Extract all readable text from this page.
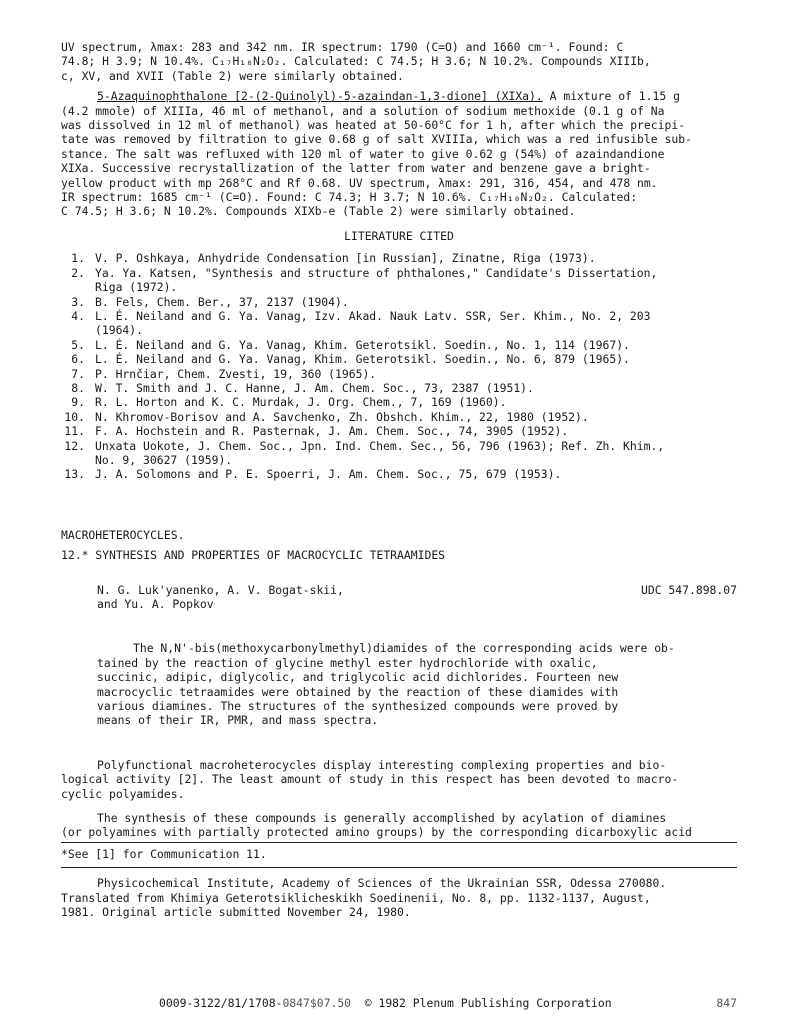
UV spectrum, λmax: 283 and 342 nm. IR spectrum: 1790 (C=O) and 1660 cm⁻¹. Found: C

74.8; H 3.9; N 10.4%. C₁₇H₁₀N₂O₂. Calculated: C 74.5; H 3.6; N 10.2%. Compounds XIIIb,

c, XV, and XVII (Table 2) were similarly obtained.

5-Azaquinophthalone [2-(2-Quinolyl)-5-azaindan-1,3-dione] (XIXa). A mixture of 1.15 g

(4.2 mmole) of XIIIa, 46 ml of methanol, and a solution of sodium methoxide (0.1 g of Na

was dissolved in 12 ml of methanol) was heated at 50-60°C for 1 h, after which the precipi-

tate was removed by filtration to give 0.68 g of salt XVIIIa, which was a red infusible sub-

stance. The salt was refluxed with 120 ml of water to give 0.62 g (54%) of azaindandione

XIXa. Successive recrystallization of the latter from water and benzene gave a bright-

yellow product with mp 268°C and Rf 0.68. UV spectrum, λmax: 291, 316, 454, and 478 nm.

IR spectrum: 1685 cm⁻¹ (C=O). Found: C 74.3; H 3.7; N 10.6%. C₁₇H₁₀N₂O₂. Calculated:

C 74.5; H 3.6; N 10.2%. Compounds XIXb-e (Table 2) were similarly obtained.

LITERATURE CITED

1. V. P. Oshkaya, Anhydride Condensation [in Russian], Zinatne, Riga (1973).
2. Ya. Ya. Katsen, "Synthesis and structure of phthalones," Candidate's Dissertation,

Riga (1972).

3. B. Fels, Chem. Ber., 37, 2137 (1904).
4. L. É. Neiland and G. Ya. Vanag, Izv. Akad. Nauk Latv. SSR, Ser. Khim., No. 2, 203

(1964).

5. L. É. Neiland and G. Ya. Vanag, Khim. Geterotsikl. Soedin., No. 1, 114 (1967).
6. L. É. Neiland and G. Ya. Vanag, Khim. Geterotsikl. Soedin., No. 6, 879 (1965).
7. P. Hrnčiar, Chem. Zvesti, 19, 360 (1965).
8. W. T. Smith and J. C. Hanne, J. Am. Chem. Soc., 73, 2387 (1951).
9. R. L. Horton and K. C. Murdak, J. Org. Chem., 7, 169 (1960).
10. N. Khromov-Borisov and A. Savchenko, Zh. Obshch. Khim., 22, 1980 (1952).
11. F. A. Hochstein and R. Pasternak, J. Am. Chem. Soc., 74, 3905 (1952).
12. Unxata Uokote, J. Chem. Soc., Jpn. Ind. Chem. Sec., 56, 796 (1963); Ref. Zh. Khim.,

No. 9, 30627 (1959).

13. J. A. Solomons and P. E. Spoerri, J. Am. Chem. Soc., 75, 679 (1953).

MACROHETEROCYCLES.

12.* SYNTHESIS AND PROPERTIES OF MACROCYCLIC TETRAAMIDES

N. G. Luk'yanenko, A. V. Bogat-skii,	UDC 547.898.07

and Yu. A. Popkov

The N,N'-bis(methoxycarbonylmethyl)diamides of the corresponding acids were ob-

tained by the reaction of glycine methyl ester hydrochloride with oxalic,

succinic, adipic, diglycolic, and triglycolic acid dichlorides. Fourteen new

macrocyclic tetraamides were obtained by the reaction of these diamides with

various diamines. The structures of the synthesized compounds were proved by

means of their IR, PMR, and mass spectra.

Polyfunctional macroheterocycles display interesting complexing properties and bio-

logical activity [2]. The least amount of study in this respect has been devoted to macro-

cyclic polyamides.

The synthesis of these compounds is generally accomplished by acylation of diamines

(or polyamines with partially protected amino groups) by the corresponding dicarboxylic acid

*See [1] for Communication 11.

Physicochemical Institute, Academy of Sciences of the Ukrainian SSR, Odessa 270080.

Translated from Khimiya Geterotsiklicheskikh Soedinenii, No. 8, pp. 1132-1137, August,

1981. Original article submitted November 24, 1980.

0009-3122/81/1708-0847$07.50 © 1982 Plenum Publishing Corporation	847
